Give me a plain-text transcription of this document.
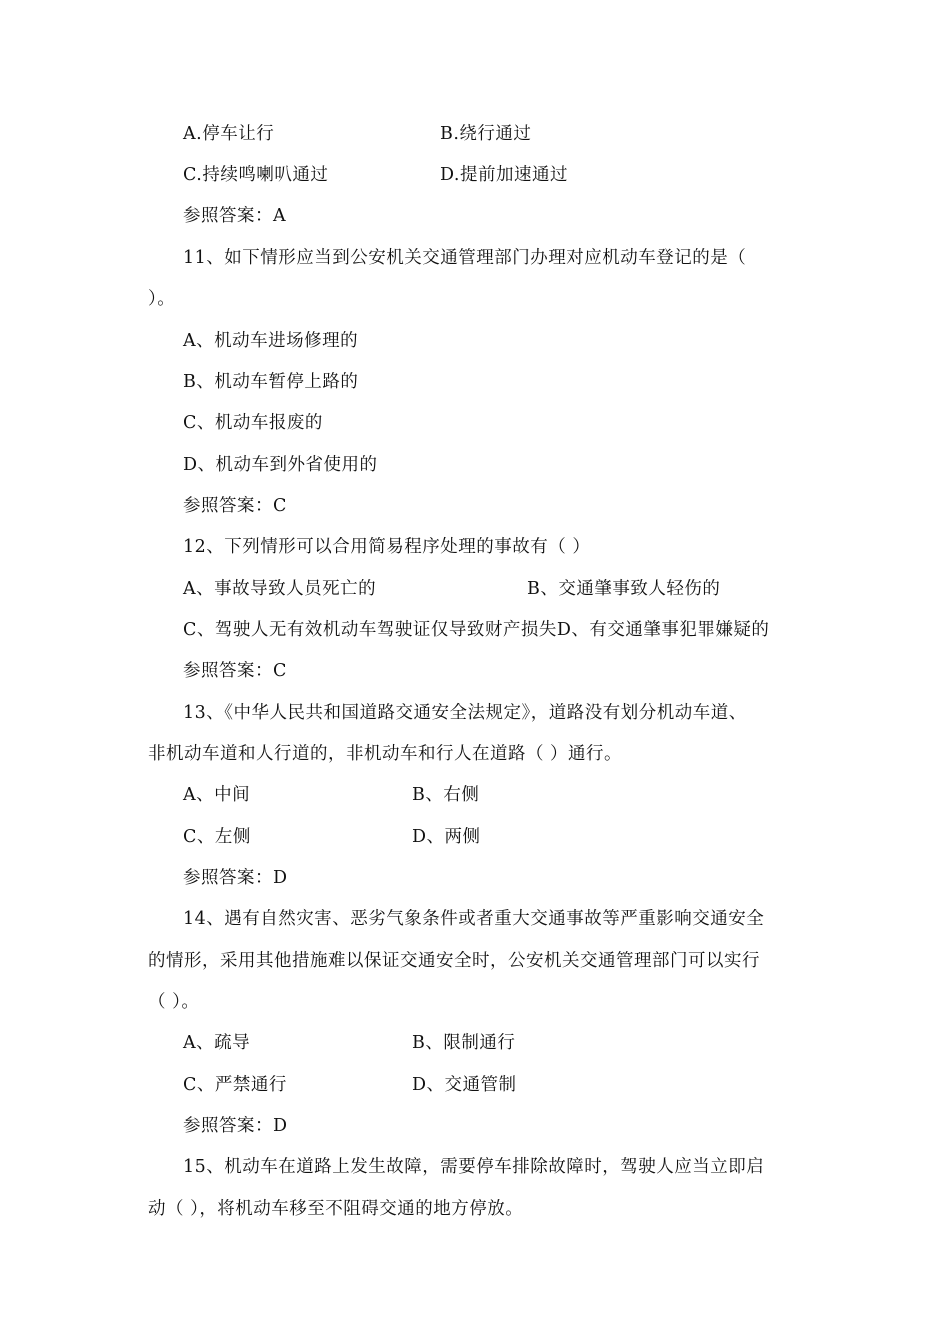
A.停车让行	B.绕行通过
C.持续鸣喇叭通过	D.提前加速通过
参照答案：A
11、如下情形应当到公安机关交通管理部门办理对应机动车登记的是（
）。
A、机动车进场修理的
B、机动车暂停上路的
C、机动车报废的
D、机动车到外省使用的
参照答案：C
12、下列情形可以合用简易程序处理的事故有（ ）
A、事故导致人员死亡的	B、交通肇事致人轻伤的
C、驾驶人无有效机动车驾驶证仅导致财产损失D、有交通肇事犯罪嫌疑的
参照答案：C
13、《中华人民共和国道路交通安全法规定》，道路没有划分机动车道、
非机动车道和人行道的，非机动车和行人在道路（ ）通行。
A、中间	B、右侧
C、左侧	D、两侧
参照答案：D
14、遇有自然灾害、恶劣气象条件或者重大交通事故等严重影响交通安全
的情形，采用其他措施难以保证交通安全时，公安机关交通管理部门可以实行
（ ）。
A、疏导	B、限制通行
C、严禁通行	D、交通管制
参照答案：D
15、机动车在道路上发生故障，需要停车排除故障时，驾驶人应当立即启
动（ ），将机动车移至不阻碍交通的地方停放。
